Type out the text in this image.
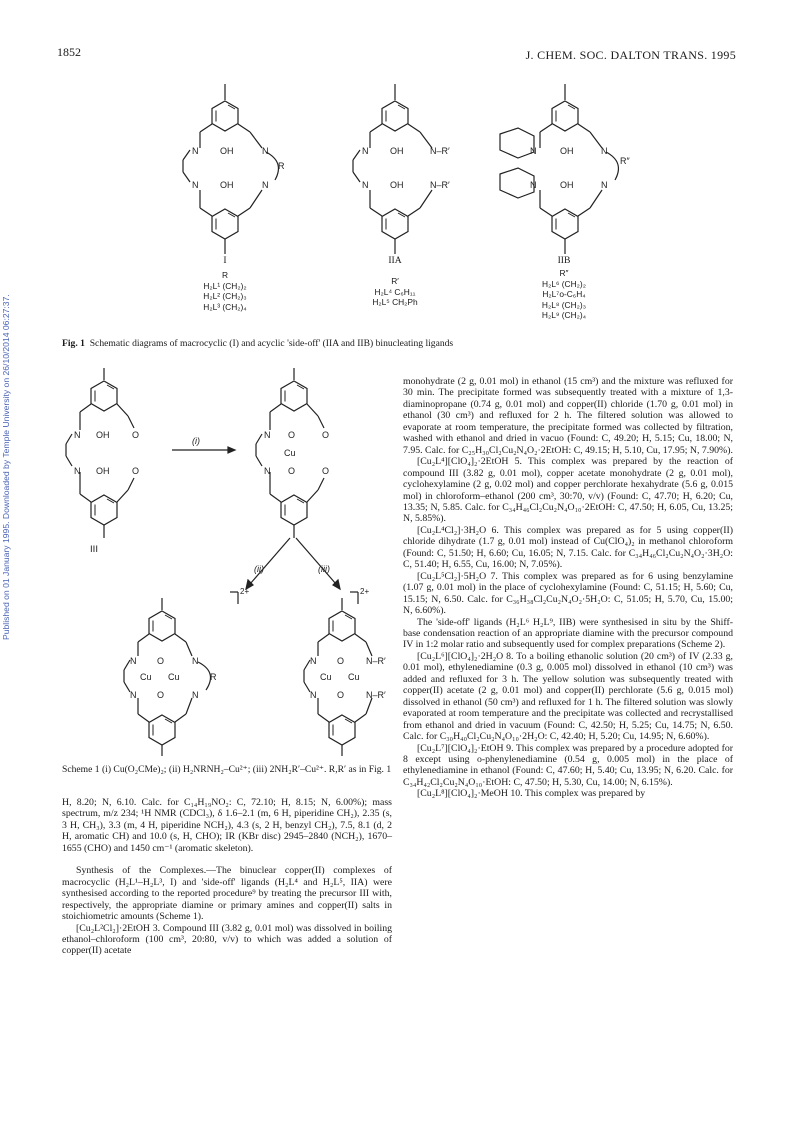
1852	J. CHEM. SOC. DALTON TRANS. 1995
Published on 01 January 1995. Downloaded by Temple University on 26/10/2014 06:27:37.
N OH	N
R
N OH	N
N OH	N–R′
N OH	N–R′
N	OH	N
R″
N	OH	N
I
R
H₂L¹ (CH₂)₂
H₂L² (CH₂)₃
H₂L³ (CH₂)₄
IIA
R′
H₂L⁴ C₆H₁₁
H₂L⁵ CH₂Ph
IIB
R″
H₂L⁶ (CH₂)₂
H₂L⁷o-C₆H₄
H₂L⁸ (CH₂)₃
H₂L⁹ (CH₂)₄
Fig. 1 Schematic diagrams of macrocyclic (I) and acyclic 'side-off' (IIA and IIB) binucleating ligands
N OH	O
N OH	O
III
(i)
N O	O
Cu
N O	O
(ii)	(iii)
2+	2+
N O	N
Cu Cu	R
N O	N
N O N–R′
Cu Cu
N O N–R′
Scheme 1 (i) Cu(O₂CMe)₂; (ii) H₂NRNH₂–Cu²⁺; (iii) 2NH₂R′–Cu²⁺. R,R′ as in Fig. 1

H, 8.20; N, 6.10. Calc. for C₁₄H₁₉NO₂: C, 72.10; H, 8.15; N, 6.00%); mass spectrum, m/z 234; ¹H NMR (CDCl₃), δ 1.6–2.1 (m, 6 H, piperidine CH₂), 2.35 (s, 3 H, CH₃), 3.3 (m, 4 H, piperidine NCH₂), 4.3 (s, 2 H, benzyl CH₂), 7.5, 8.1 (d, 2 H, aromatic CH) and 10.0 (s, H, CHO); IR (KBr disc) 2945–2840 (NCH₂), 1670–1655 (CHO) and 1450 cm⁻¹ (aromatic skeleton).

Synthesis of the Complexes.—The binuclear copper(II) complexes of macrocyclic (H₂L¹–H₂L³, I) and 'side-off' ligands (H₂L⁴ and H₂L⁵, IIA) were synthesised according to the reported procedure⁹ by treating the precursor III with, respectively, the appropriate diamine or primary amines and copper(II) salts in stoichiometric amounts (Scheme 1).

[Cu₂L²Cl₂]·2EtOH 3. Compound III (3.82 g, 0.01 mol) was dissolved in boiling ethanol–chloroform (100 cm³, 20:80, v/v) to which was added a solution of copper(II) acetate

monohydrate (2 g, 0.01 mol) in ethanol (15 cm³) and the mixture was refluxed for 30 min. The precipitate formed was subsequently treated with a mixture of 1,3-diaminopropane (0.74 g, 0.01 mol) and copper(II) chloride (1.70 g, 0.01 mol) in ethanol (30 cm³) and refluxed for 2 h. The filtered solution was allowed to evaporate at room temperature, the precipitate formed was collected by filtration, washed with ethanol and dried in vacuo (Found: C, 49.20; H, 5.15; Cu, 18.00; N, 7.95. Calc. for C₂₅H₃₀Cl₂Cu₂N₄O₂·2EtOH: C, 49.15; H, 5.10, Cu, 17.95; N, 7.90%).

[Cu₂L⁴][ClO₄]₂·2EtOH 5. This complex was prepared by the reaction of compound III (3.82 g, 0.01 mol), copper acetate monohydrate (2 g, 0.01 mol), cyclohexylamine (2 g, 0.02 mol) and copper perchlorate hexahydrate (5.6 g, 0.015 mol) in chloroform–ethanol (200 cm³, 30:70, v/v) (Found: C, 47.70; H, 6.20; Cu, 13.35; N, 5.85. Calc. for C₃₄H₄₆Cl₂Cu₂N₄O₁₀·2EtOH: C, 47.50; H, 6.05, Cu, 13.25; N, 5.85%).

[Cu₂L⁴Cl₂]·3H₂O 6. This complex was prepared as for 5 using copper(II) chloride dihydrate (1.7 g, 0.01 mol) instead of Cu(ClO₄)₂ in methanol chloroform (Found: C, 51.50; H, 6.60; Cu, 16.05; N, 7.15. Calc. for C₃₄H₄₆Cl₂Cu₂N₄O₂·3H₂O: C, 51.40; H, 6.55, Cu, 16.00; N, 7.05%).

[Cu₂L⁵Cl₂]·5H₂O 7. This complex was prepared as for 6 using benzylamine (1.07 g, 0.01 mol) in the place of cyclohexylamine (Found: C, 51.15; H, 5.60; Cu, 15.15; N, 6.50. Calc. for C₃₆H₃₈Cl₂Cu₂N₄O₂·5H₂O: C, 51.05; H, 5.70, Cu, 15.00; N, 6.60%).

The 'side-off' ligands (H₂L⁶ H₂L⁹, IIB) were synthesised in situ by the Shiff-base condensation reaction of an appropriate diamine with the precursor compound IV in 1:2 molar ratio and subsequently used for complex preparations (Scheme 2).

[Cu₂L⁶][ClO₄]₂·2H₂O 8. To a boiling ethanolic solution (20 cm³) of IV (2.33 g, 0.01 mol), ethylenediamine (0.3 g, 0.005 mol) dissolved in ethanol (10 cm³) was added and refluxed for 3 h. The yellow solution was subsequently treated with copper(II) acetate (2 g, 0.01 mol) and copper(II) perchlorate (5.6 g, 0.015 mol) dissolved in ethanol (50 cm³) and refluxed for 1 h. The filtered solution was slowly evaporated at room temperature and the precipitate was collected and recrystallised from ethanol and dried in vacuum (Found: C, 42.50; H, 5.25; Cu, 14.75; N, 6.50. Calc. for C₃₀H₄₀Cl₂Cu₂N₄O₁₀·2H₂O: C, 42.40; H, 5.20; Cu, 14.95; N, 6.60%).

[Cu₂L⁷][ClO₄]₂·EtOH 9. This complex was prepared by a procedure adopted for 8 except using o-phenylenediamine (0.54 g, 0.005 mol) in the place of ethylenediamine in ethanol (Found: C, 47.60; H, 5.40; Cu, 13.95; N, 6.20. Calc. for C₃₄H₄₂Cl₂Cu₂N₄O₁₀·EtOH: C, 47.50; H, 5.30, Cu, 14.00; N, 6.15%).

[Cu₂L⁸][ClO₄]₂·MeOH 10. This complex was prepared by
